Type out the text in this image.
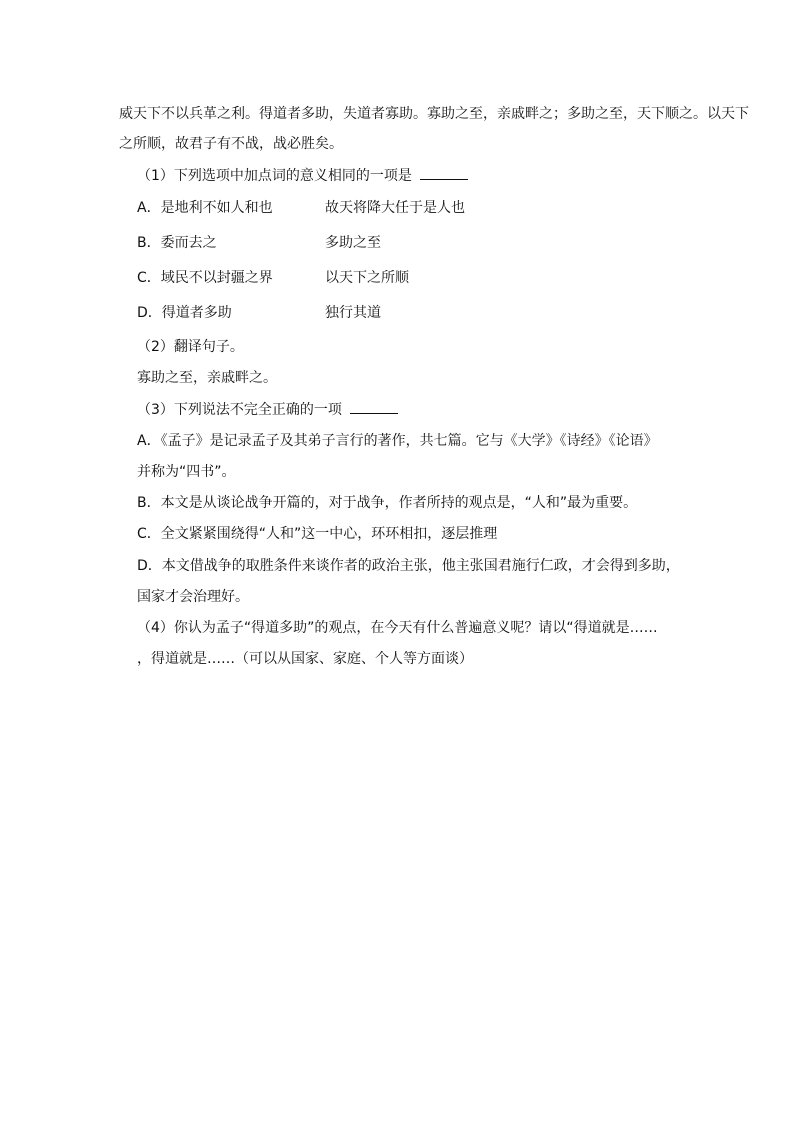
威天下不以兵革之利。得道者多助，失道者寡助。寡助之至，亲戚畔之；多助之至，天下顺之。以天下
之所顺，故君子有不战，战必胜矣。
（1）下列选项中加点词的意义相同的一项是
A．是地利不如人和也	故天将降大任于是人也
B．委而去之	多助之至
C．域民不以封疆之界	以天下之所顺
D．得道者多助	独行其道
（2）翻译句子。
寡助之至，亲戚畔之。
（3）下列说法不完全正确的一项
A．《孟子》是记录孟子及其弟子言行的著作，共七篇。它与《大学》《诗经》《论语》
并称为“四书”。
B．本文是从谈论战争开篇的，对于战争，作者所持的观点是，“人和”最为重要。
C．全文紧紧围绕得“人和”这一中心，环环相扣，逐层推理
D．本文借战争的取胜条件来谈作者的政治主张，他主张国君施行仁政，才会得到多助，
国家才会治理好。
（4）你认为孟子“得道多助”的观点，在今天有什么普遍意义呢？请以“得道就是……
，得道就是……（可以从国家、家庭、个人等方面谈）
